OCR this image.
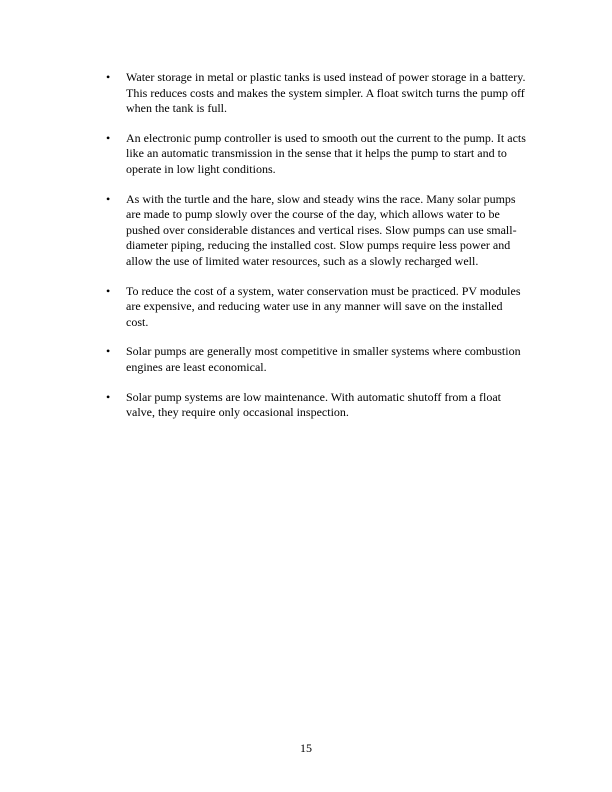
• Water storage in metal or plastic tanks is used instead of power storage in a battery. This reduces costs and makes the system simpler. A float switch turns the pump off when the tank is full.
• An electronic pump controller is used to smooth out the current to the pump. It acts like an automatic transmission in the sense that it helps the pump to start and to operate in low light conditions.
• As with the turtle and the hare, slow and steady wins the race. Many solar pumps are made to pump slowly over the course of the day, which allows water to be pushed over considerable distances and vertical rises. Slow pumps can use small-diameter piping, reducing the installed cost. Slow pumps require less power and allow the use of limited water resources, such as a slowly recharged well.
• To reduce the cost of a system, water conservation must be practiced. PV modules are expensive, and reducing water use in any manner will save on the installed cost.
• Solar pumps are generally most competitive in smaller systems where combustion engines are least economical.
• Solar pump systems are low maintenance. With automatic shutoff from a float valve, they require only occasional inspection.
15
